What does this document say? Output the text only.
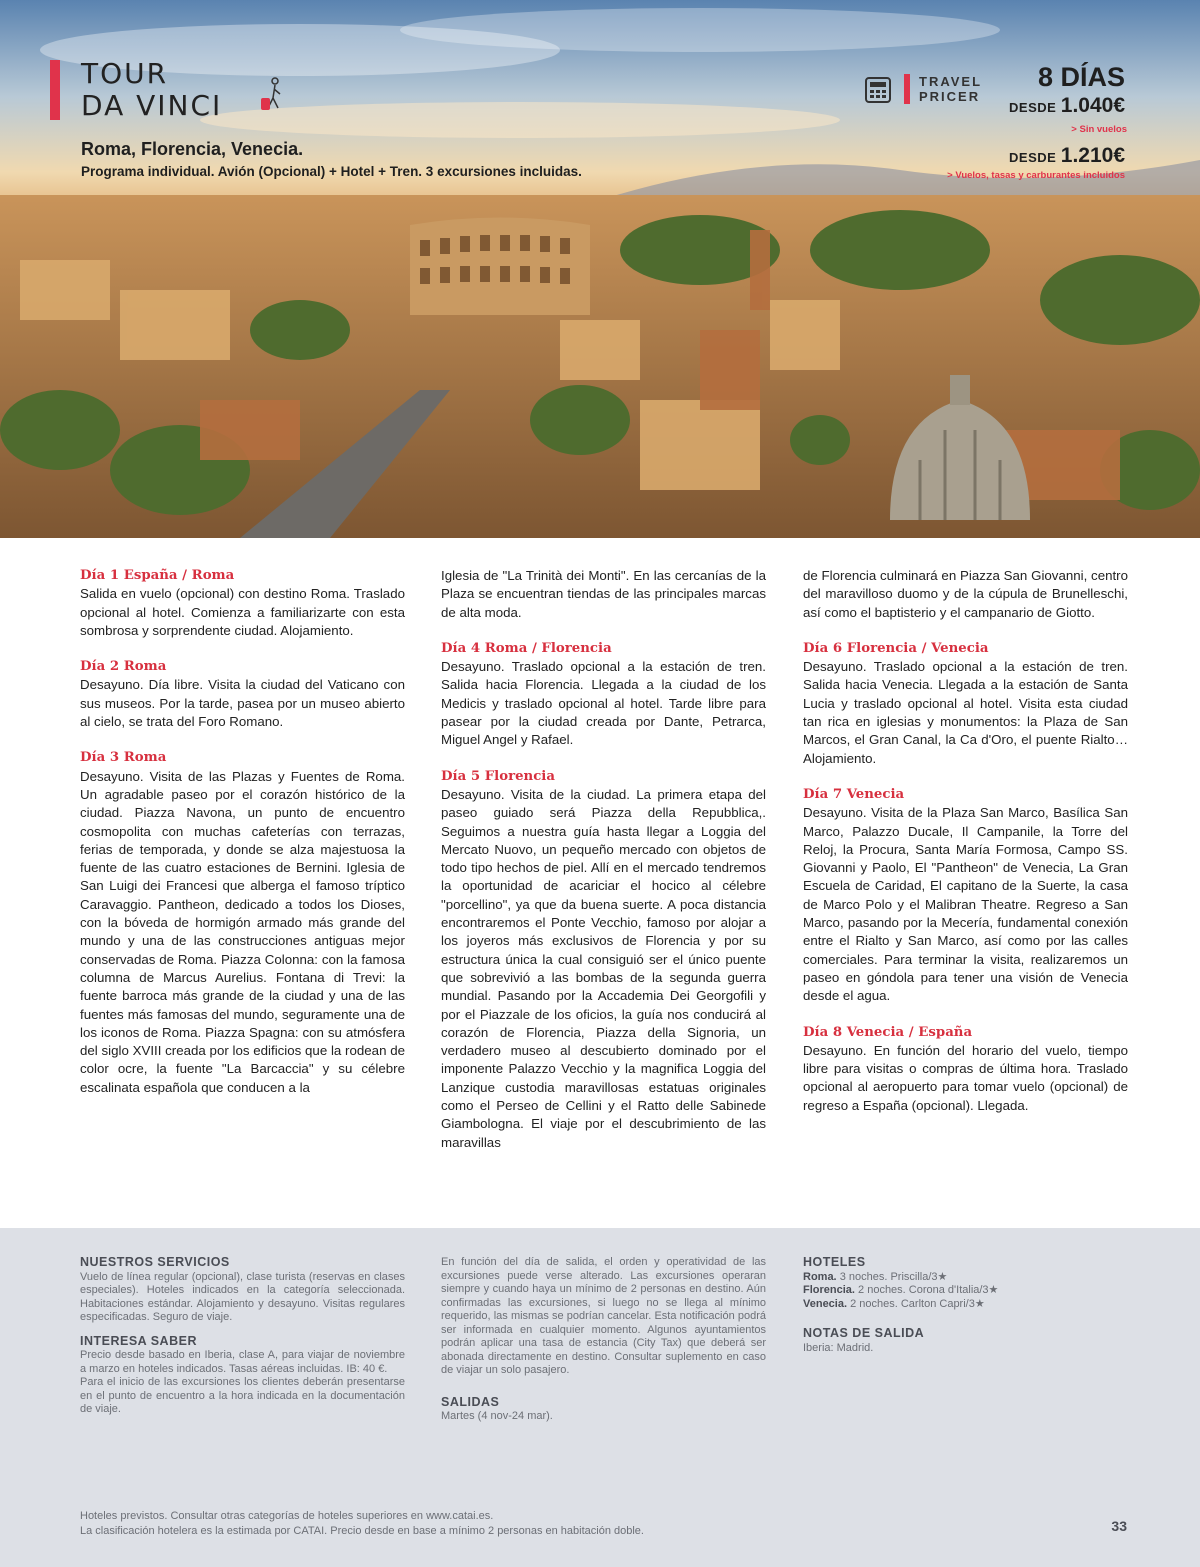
TOUR
DA VINCI
Roma, Florencia, Venecia.
Programa individual. Avión (Opcional) + Hotel + Tren. 3 excursiones incluidas.
TRAVEL
PRICER
8 DÍAS
DESDE 1.040€
> Sin vuelos
DESDE 1.210€
> Vuelos, tasas y carburantes incluidos
Día 1 España / Roma

Salida en vuelo (opcional) con destino Roma. Traslado opcional al hotel. Comienza a familiarizarte con esta sombrosa y sorprendente ciudad. Alojamiento.

Día 2 Roma

Desayuno. Día libre. Visita la ciudad del Vaticano con sus museos. Por la tarde, pasea por un museo abierto al cielo, se trata del Foro Romano.

Día 3 Roma

Desayuno. Visita de las Plazas y Fuentes de Roma. Un agradable paseo por el corazón histórico de la ciudad. Piazza Navona, un punto de encuentro cosmopolita con muchas cafeterías con terrazas, ferias de temporada, y donde se alza majestuosa la fuente de las cuatro estaciones de Bernini. Iglesia de San Luigi dei Francesi que alberga el famoso tríptico Caravaggio. Pantheon, dedicado a todos los Dioses, con la bóveda de hormigón armado más grande del mundo y una de las construcciones antiguas mejor conservadas de Roma. Piazza Colonna: con la famosa columna de Marcus Aurelius. Fontana di Trevi: la fuente barroca más grande de la ciudad y una de las fuentes más famosas del mundo, seguramente una de los iconos de Roma. Piazza Spagna: con su atmósfera del siglo XVIII creada por los edificios que la rodean de color ocre, la fuente "La Barcaccia" y su célebre escalinata española que conducen a la

Iglesia de "La Trinità dei Monti". En las cercanías de la Plaza se encuentran tiendas de las principales marcas de alta moda.

Día 4 Roma / Florencia

Desayuno. Traslado opcional a la estación de tren. Salida hacia Florencia. Llegada a la ciudad de los Medicis y traslado opcional al hotel. Tarde libre para pasear por la ciudad creada por Dante, Petrarca, Miguel Angel y Rafael.

Día 5 Florencia

Desayuno. Visita de la ciudad. La primera etapa del paseo guiado será Piazza della Repubblica,. Seguimos a nuestra guía hasta llegar a Loggia del Mercato Nuovo, un pequeño mercado con objetos de todo tipo hechos de piel. Allí en el mercado tendremos la oportunidad de acariciar el hocico al célebre "porcellino", ya que da buena suerte. A poca distancia encontraremos el Ponte Vecchio, famoso por alojar a los joyeros más exclusivos de Florencia y por su estructura única la cual consiguió ser el único puente que sobrevivió a las bombas de la segunda guerra mundial. Pasando por la Accademia Dei Georgofili y por el Piazzale de los oficios, la guía nos conducirá al corazón de Florencia, Piazza della Signoria, un verdadero museo al descubierto dominado por el imponente Palazzo Vecchio y la magnifica Loggia del Lanzique custodia maravillosas estatuas originales como el Perseo de Cellini y el Ratto delle Sabinede Giambologna. El viaje por el descubrimiento de las maravillas

de Florencia culminará en Piazza San Giovanni, centro del maravilloso duomo y de la cúpula de Brunelleschi, así como el baptisterio y el campanario de Giotto.

Día 6 Florencia / Venecia

Desayuno. Traslado opcional a la estación de tren. Salida hacia Venecia. Llegada a la estación de Santa Lucia y traslado opcional al hotel. Visita esta ciudad tan rica en iglesias y monumentos: la Plaza de San Marcos, el Gran Canal, la Ca d'Oro, el puente Rialto… Alojamiento.

Día 7 Venecia

Desayuno. Visita de la Plaza San Marco, Basílica San Marco, Palazzo Ducale, Il Campanile, la Torre del Reloj, la Procura, Santa María Formosa, Campo SS. Giovanni y Paolo, El "Pantheon" de Venecia, La Gran Escuela de Caridad, El capitano de la Suerte, la casa de Marco Polo y el Malibran Theatre. Regreso a San Marco, pasando por la Mecería, fundamental conexión entre el Rialto y San Marco, así como por las calles comerciales. Para terminar la visita, realizaremos un paseo en góndola para tener una visión de Venecia desde el agua.

Día 8 Venecia / España

Desayuno. En función del horario del vuelo, tiempo libre para visitas o compras de última hora. Traslado opcional al aeropuerto para tomar vuelo (opcional) de regreso a España (opcional). Llegada.

NUESTROS SERVICIOS

Vuelo de línea regular (opcional), clase turista (reservas en clases especiales). Hoteles indicados en la categoría seleccionada. Habitaciones estándar. Alojamiento y desayuno. Visitas regulares especificadas. Seguro de viaje.

INTERESA SABER

Precio desde basado en Iberia, clase A, para viajar de noviembre a marzo en hoteles indicados. Tasas aéreas incluidas. IB: 40 €.

Para el inicio de las excursiones los clientes deberán presentarse en el punto de encuentro a la hora indicada en la documentación de viaje.

En función del día de salida, el orden y operatividad de las excursiones puede verse alterado. Las excursiones operaran siempre y cuando haya un mínimo de 2 personas en destino. Aún confirmadas las excursiones, si luego no se llega al mínimo requerido, las mismas se podrían cancelar. Esta notificación podrá ser informada en cualquier momento. Algunos ayuntamientos podrán aplicar una tasa de estancia (City Tax) que deberá ser abonada directamente en destino. Consultar suplemento en caso de viajar un solo pasajero.

SALIDAS

Martes (4 nov-24 mar).

HOTELES

Roma. 3 noches. Priscilla/3★

Florencia. 2 noches. Corona d'Italia/3★

Venecia. 2 noches. Carlton Capri/3★

NOTAS DE SALIDA

Iberia: Madrid.

Hoteles previstos. Consultar otras categorías de hoteles superiores en www.catai.es.
La clasificación hotelera es la estimada por CATAI. Precio desde en base a mínimo 2 personas en habitación doble.	33
